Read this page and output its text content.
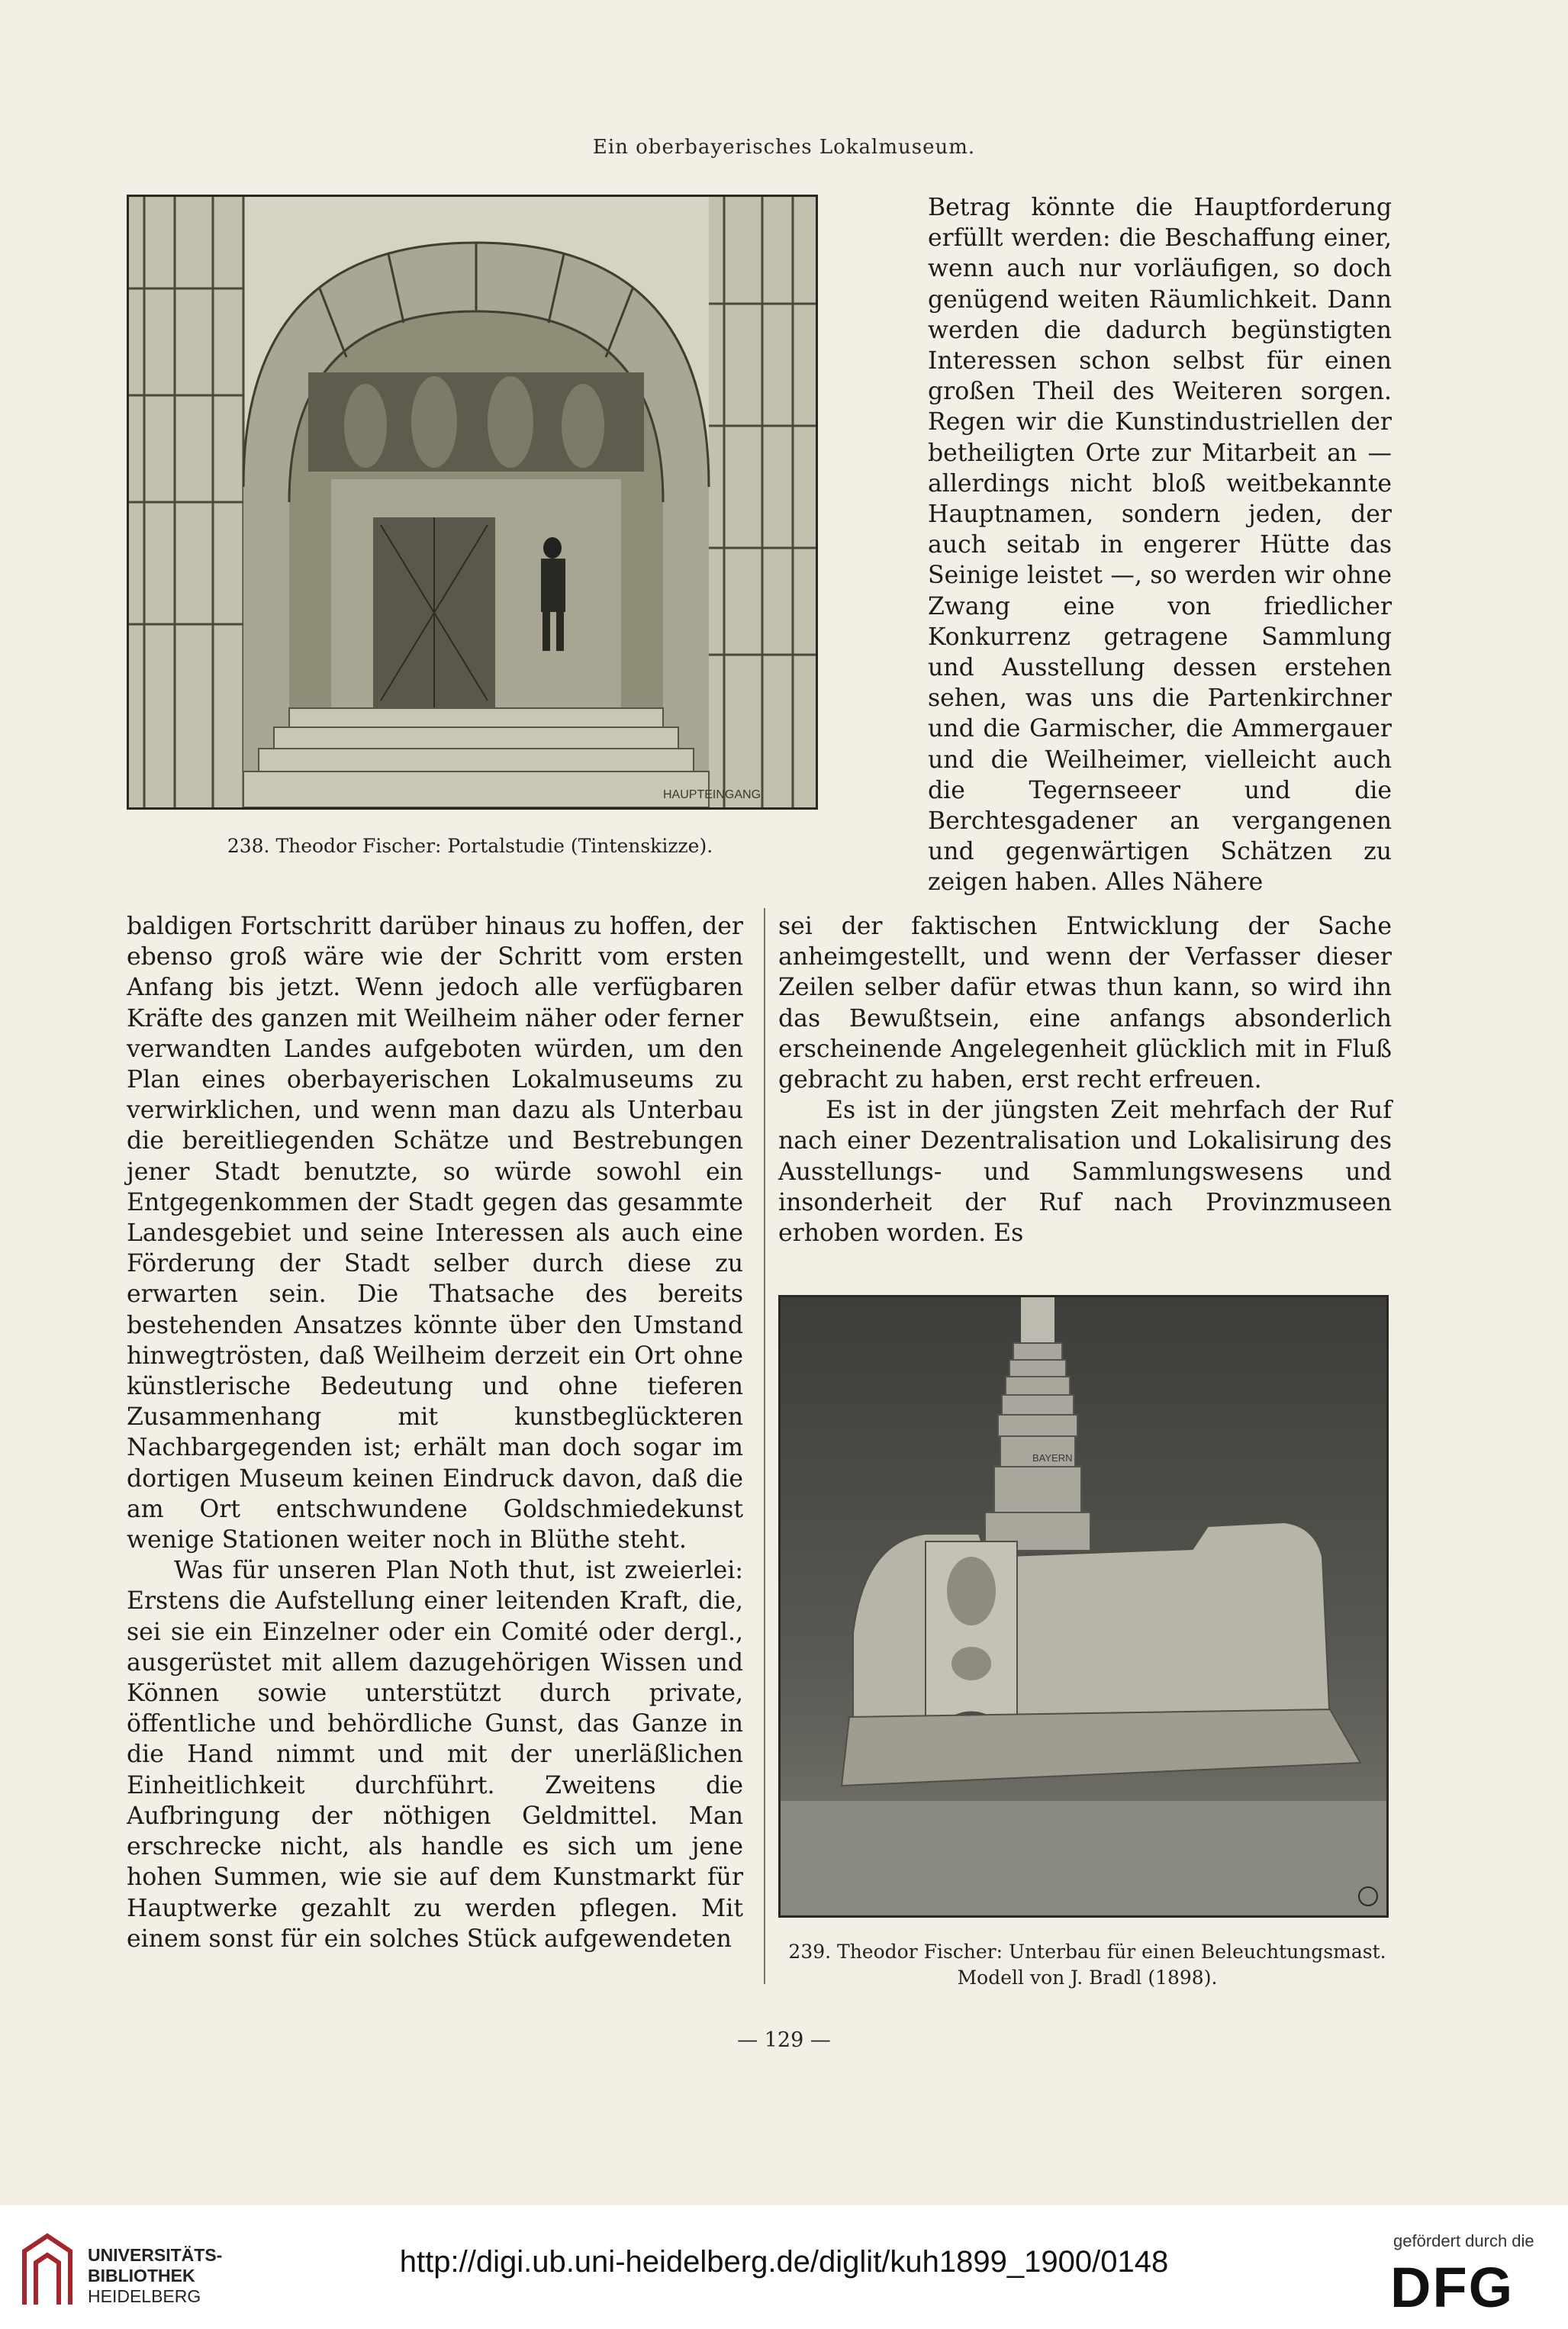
Ein oberbayerisches Lokalmuseum.
HAUPTEINGANG
238. Theodor Fischer: Portalstudie (Tintenskizze).

Betrag könnte die Hauptforderung erfüllt werden: die Beschaffung einer, wenn auch nur vorläufigen, so doch genügend weiten Räumlichkeit. Dann werden die dadurch begünstigten Interessen schon selbst für einen großen Theil des Weiteren sorgen. Regen wir die Kunstindustriellen der betheiligten Orte zur Mitarbeit an — allerdings nicht bloß weitbekannte Hauptnamen, sondern jeden, der auch seitab in engerer Hütte das Seinige leistet —, so werden wir ohne Zwang eine von friedlicher Konkurrenz getragene Sammlung und Ausstellung dessen erstehen sehen, was uns die Partenkirchner und die Garmischer, die Ammergauer und die Weilheimer, vielleicht auch die Tegernseeer und die Berchtesgadener an vergangenen und gegenwärtigen Schätzen zu zeigen haben. Alles Nähere

baldigen Fortschritt darüber hinaus zu hoffen, der ebenso groß wäre wie der Schritt vom ersten Anfang bis jetzt. Wenn jedoch alle verfügbaren Kräfte des ganzen mit Weilheim näher oder ferner verwandten Landes aufgeboten würden, um den Plan eines oberbayerischen Lokalmuseums zu verwirklichen, und wenn man dazu als Unterbau die bereitliegenden Schätze und Bestrebungen jener Stadt benutzte, so würde sowohl ein Entgegenkommen der Stadt gegen das gesammte Landesgebiet und seine Interessen als auch eine Förderung der Stadt selber durch diese zu erwarten sein. Die Thatsache des bereits bestehenden Ansatzes könnte über den Umstand hinwegtrösten, daß Weilheim derzeit ein Ort ohne künstlerische Bedeutung und ohne tieferen Zusammenhang mit kunstbeglückteren Nachbargegenden ist; erhält man doch sogar im dortigen Museum keinen Eindruck davon, daß die am Ort entschwundene Goldschmiedekunst wenige Stationen weiter noch in Blüthe steht.

Was für unseren Plan Noth thut, ist zweierlei: Erstens die Aufstellung einer leitenden Kraft, die, sei sie ein Einzelner oder ein Comité oder dergl., ausgerüstet mit allem dazugehörigen Wissen und Können sowie unterstützt durch private, öffentliche und behördliche Gunst, das Ganze in die Hand nimmt und mit der unerläßlichen Einheitlichkeit durchführt. Zweitens die Aufbringung der nöthigen Geldmittel. Man erschrecke nicht, als handle es sich um jene hohen Summen, wie sie auf dem Kunstmarkt für Hauptwerke gezahlt zu werden pflegen. Mit einem sonst für ein solches Stück aufgewendeten

sei der faktischen Entwicklung der Sache anheimgestellt, und wenn der Verfasser dieser Zeilen selber dafür etwas thun kann, so wird ihn das Bewußtsein, eine anfangs absonderlich erscheinende Angelegenheit glücklich mit in Fluß gebracht zu haben, erst recht erfreuen.

Es ist in der jüngsten Zeit mehrfach der Ruf nach einer Dezentralisation und Lokalisirung des Ausstellungs- und Sammlungswesens und insonderheit der Ruf nach Provinzmuseen erhoben worden. Es

BAYERN
239. Theodor Fischer: Unterbau für einen Beleuchtungsmast.
Modell von J. Bradl (1898).
— 129 —
UNIVERSITÄTS-
BIBLIOTHEK
HEIDELBERG
http://digi.ub.uni-heidelberg.de/diglit/kuh1899_1900/0148
gefördert durch die
DFG
